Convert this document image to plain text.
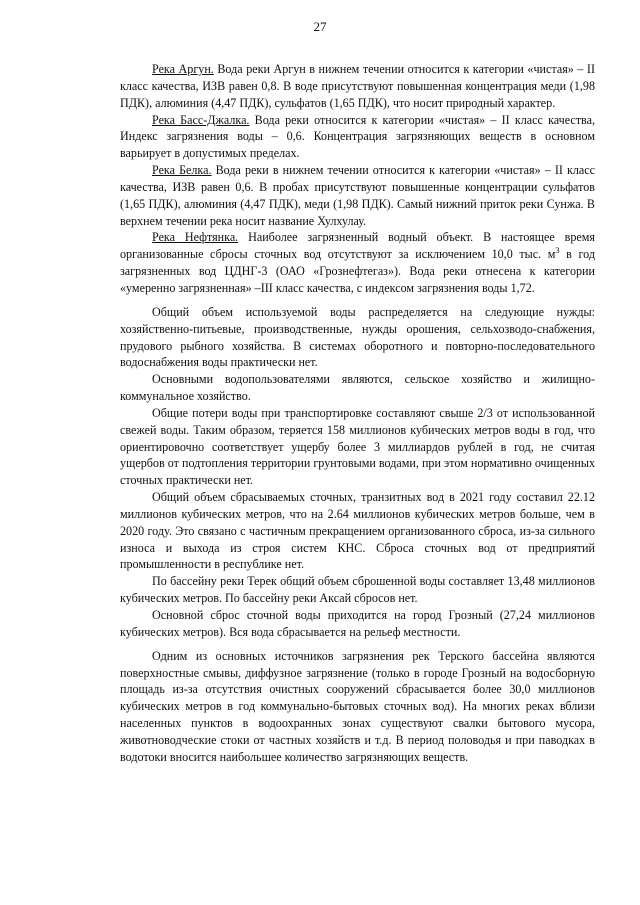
27

Река Аргун. Вода реки Аргун в нижнем течении относится к категории «чистая» – II класс качества, ИЗВ равен 0,8. В воде присутствуют повышенная концентрация меди (1,98 ПДК), алюминия (4,47 ПДК), сульфатов (1,65 ПДК), что носит природный характер.

Река Басс-Джалка. Вода реки относится к категории «чистая» – II класс качества, Индекс загрязнения воды – 0,6. Концентрация загрязняющих веществ в основном варьирует в допустимых пределах.

Река Белка. Вода реки в нижнем течении относится к категории «чистая» – II класс качества, ИЗВ равен 0,6. В пробах присутствуют повышенные концентрации сульфатов (1,65 ПДК), алюминия (4,47 ПДК), меди (1,98 ПДК). Самый нижний приток реки Сунжа. В верхнем течении река носит название Хулхулау.

Река Нефтянка. Наиболее загрязненный водный объект. В настоящее время организованные сбросы сточных вод отсутствуют за исключением 10,0 тыс. $м^3$ в год загрязненных вод ЦДНГ-3 (ОАО «Грознефтегаз»). Вода реки отнесена к категории «умеренно загрязненная» –III класс качества, с индексом загрязнения воды 1,72.

Общий объем используемой воды распределяется на следующие нужды: хозяйственно-питьевые, производственные, нужды орошения, сельхозводо-снабжения, прудового рыбного хозяйства. В системах оборотного и повторно-последовательного водоснабжения воды практически нет.

Основными водопользователями являются, сельское хозяйство и жилищно-коммунальное хозяйство.

Общие потери воды при транспортировке составляют свыше 2/3 от использованной свежей воды. Таким образом, теряется 158 миллионов кубических метров воды в год, что ориентировочно соответствует ущербу более 3 миллиардов рублей в год, не считая ущербов от подтопления территории грунтовыми водами, при этом нормативно очищенных сточных практически нет.

Общий объем сбрасываемых сточных, транзитных вод в 2021 году составил 22.12 миллионов кубических метров, что на 2.64 миллионов кубических метров больше, чем в 2020 году. Это связано с частичным прекращением организованного сброса, из-за сильного износа и выхода из строя систем КНС. Сброса сточных вод от предприятий промышленности в республике нет.

По бассейну реки Терек общий объем сброшенной воды составляет 13,48 миллионов кубических метров. По бассейну реки Аксай сбросов нет.

Основной сброс сточной воды приходится на город Грозный (27,24 миллионов кубических метров). Вся вода сбрасывается на рельеф местности.

Одним из основных источников загрязнения рек Терского бассейна являются поверхностные смывы, диффузное загрязнение (только в городе Грозный на водосборную площадь из-за отсутствия очистных сооружений сбрасывается более 30,0 миллионов кубических метров в год коммунально-бытовых сточных вод). На многих реках вблизи населенных пунктов в водоохранных зонах существуют свалки бытового мусора, животноводческие стоки от частных хозяйств и т.д. В период половодья и при паводках в водотоки вносится наибольшее количество загрязняющих веществ.
